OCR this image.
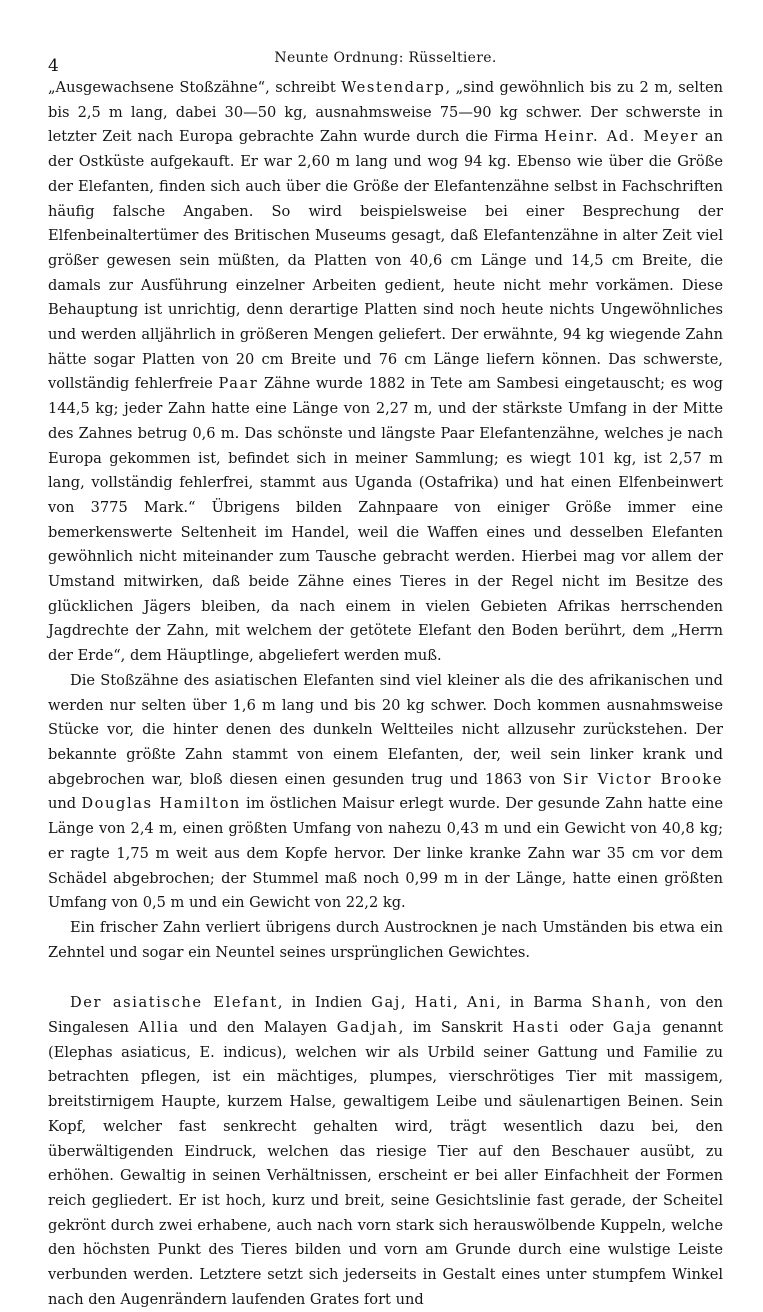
4	Neunte Ordnung: Rüsseltiere.

„Ausgewachsene Stoßzähne“, schreibt Westendarp, „sind gewöhnlich bis zu 2 m, selten bis 2,5 m lang, dabei 30—50 kg, ausnahmsweise 75—90 kg schwer. Der schwerste in letzter Zeit nach Europa gebrachte Zahn wurde durch die Firma Heinr. Ad. Meyer an der Ostküste aufgekauft. Er war 2,60 m lang und wog 94 kg. Ebenso wie über die Größe der Elefanten, finden sich auch über die Größe der Elefantenzähne selbst in Fachschriften häufig falsche Angaben. So wird beispielsweise bei einer Besprechung der Elfenbeinaltertümer des Britischen Museums gesagt, daß Elefantenzähne in alter Zeit viel größer gewesen sein müßten, da Platten von 40,6 cm Länge und 14,5 cm Breite, die damals zur Ausführung einzelner Arbeiten gedient, heute nicht mehr vorkämen. Diese Behauptung ist unrichtig, denn derartige Platten sind noch heute nichts Ungewöhnliches und werden alljährlich in größeren Mengen geliefert. Der erwähnte, 94 kg wiegende Zahn hätte sogar Platten von 20 cm Breite und 76 cm Länge liefern können. Das schwerste, vollständig fehlerfreie Paar Zähne wurde 1882 in Tete am Sambesi eingetauscht; es wog 144,5 kg; jeder Zahn hatte eine Länge von 2,27 m, und der stärkste Umfang in der Mitte des Zahnes betrug 0,6 m. Das schönste und längste Paar Elefantenzähne, welches je nach Europa gekommen ist, befindet sich in meiner Sammlung; es wiegt 101 kg, ist 2,57 m lang, vollständig fehlerfrei, stammt aus Uganda (Ostafrika) und hat einen Elfenbeinwert von 3775 Mark.“ Übrigens bilden Zahnpaare von einiger Größe immer eine bemerkenswerte Seltenheit im Handel, weil die Waffen eines und desselben Elefanten gewöhnlich nicht miteinander zum Tausche gebracht werden. Hierbei mag vor allem der Umstand mitwirken, daß beide Zähne eines Tieres in der Regel nicht im Besitze des glücklichen Jägers bleiben, da nach einem in vielen Gebieten Afrikas herrschenden Jagdrechte der Zahn, mit welchem der getötete Elefant den Boden berührt, dem „Herrn der Erde“, dem Häuptlinge, abgeliefert werden muß.

Die Stoßzähne des asiatischen Elefanten sind viel kleiner als die des afrikanischen und werden nur selten über 1,6 m lang und bis 20 kg schwer. Doch kommen ausnahmsweise Stücke vor, die hinter denen des dunkeln Weltteiles nicht allzusehr zurückstehen. Der bekannte größte Zahn stammt von einem Elefanten, der, weil sein linker krank und abgebrochen war, bloß diesen einen gesunden trug und 1863 von Sir Victor Brooke und Douglas Hamilton im östlichen Maisur erlegt wurde. Der gesunde Zahn hatte eine Länge von 2,4 m, einen größten Umfang von nahezu 0,43 m und ein Gewicht von 40,8 kg; er ragte 1,75 m weit aus dem Kopfe hervor. Der linke kranke Zahn war 35 cm vor dem Schädel abgebrochen; der Stummel maß noch 0,99 m in der Länge, hatte einen größten Umfang von 0,5 m und ein Gewicht von 22,2 kg.

Ein frischer Zahn verliert übrigens durch Austrocknen je nach Umständen bis etwa ein Zehntel und sogar ein Neuntel seines ursprünglichen Gewichtes.

Der asiatische Elefant, in Indien Gaj, Hati, Ani, in Barma Shanh, von den Singalesen Allia und den Malayen Gadjah, im Sanskrit Hasti oder Gaja genannt (Elephas asiaticus, E. indicus), welchen wir als Urbild seiner Gattung und Familie zu betrachten pflegen, ist ein mächtiges, plumpes, vierschrötiges Tier mit massigem, breitstirnigem Haupte, kurzem Halse, gewaltigem Leibe und säulenartigen Beinen. Sein Kopf, welcher fast senkrecht gehalten wird, trägt wesentlich dazu bei, den überwältigenden Eindruck, welchen das riesige Tier auf den Beschauer ausübt, zu erhöhen. Gewaltig in seinen Verhältnissen, erscheint er bei aller Einfachheit der Formen reich gegliedert. Er ist hoch, kurz und breit, seine Gesichtslinie fast gerade, der Scheitel gekrönt durch zwei erhabene, auch nach vorn stark sich herauswölbende Kuppeln, welche den höchsten Punkt des Tieres bilden und vorn am Grunde durch eine wulstige Leiste verbunden werden. Letztere setzt sich jederseits in Gestalt eines unter stumpfem Winkel nach den Augenrändern laufenden Grates fort und
